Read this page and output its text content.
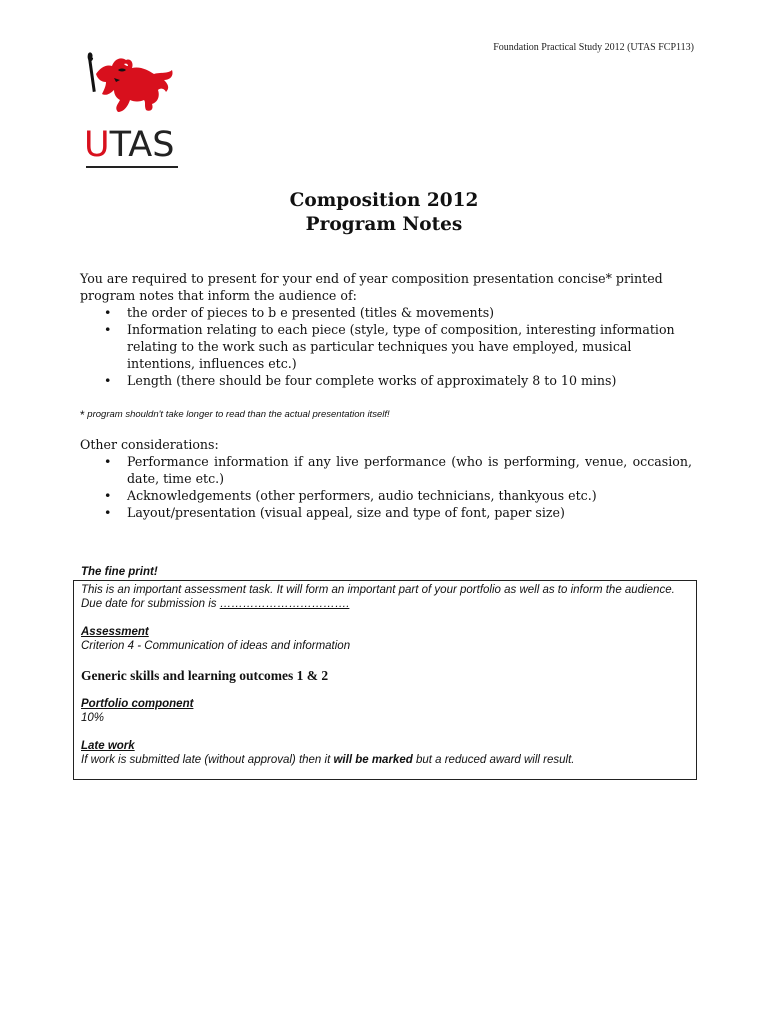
Foundation Practical Study 2012 (UTAS FCP113)
UTAS
Composition 2012
Program Notes
You are required to present for your end of year composition presentation concise* printed program notes that inform the audience of:
• the order of pieces to b e presented (titles & movements)
• Information relating to each piece (style, type of composition, interesting information relating to the work such as particular techniques you have employed, musical intentions, influences etc.)
• Length (there should be four complete works of approximately 8 to 10 mins)
* program shouldn't take longer to read than the actual presentation itself!
Other considerations:
• Performance information if any live performance (who is performing, venue, occasion, date, time etc.)
• Acknowledgements (other performers, audio technicians, thankyous etc.)
• Layout/presentation (visual appeal, size and type of font, paper size)
The fine print!

This is an important assessment task. It will form an important part of your portfolio as well as to inform the audience.

Due date for submission is …………………………….

Assessment

Criterion 4 - Communication of ideas and information

Generic skills and learning outcomes 1 & 2

Portfolio component

10%

Late work

If work is submitted late (without approval) then it will be marked but a reduced award will result.
